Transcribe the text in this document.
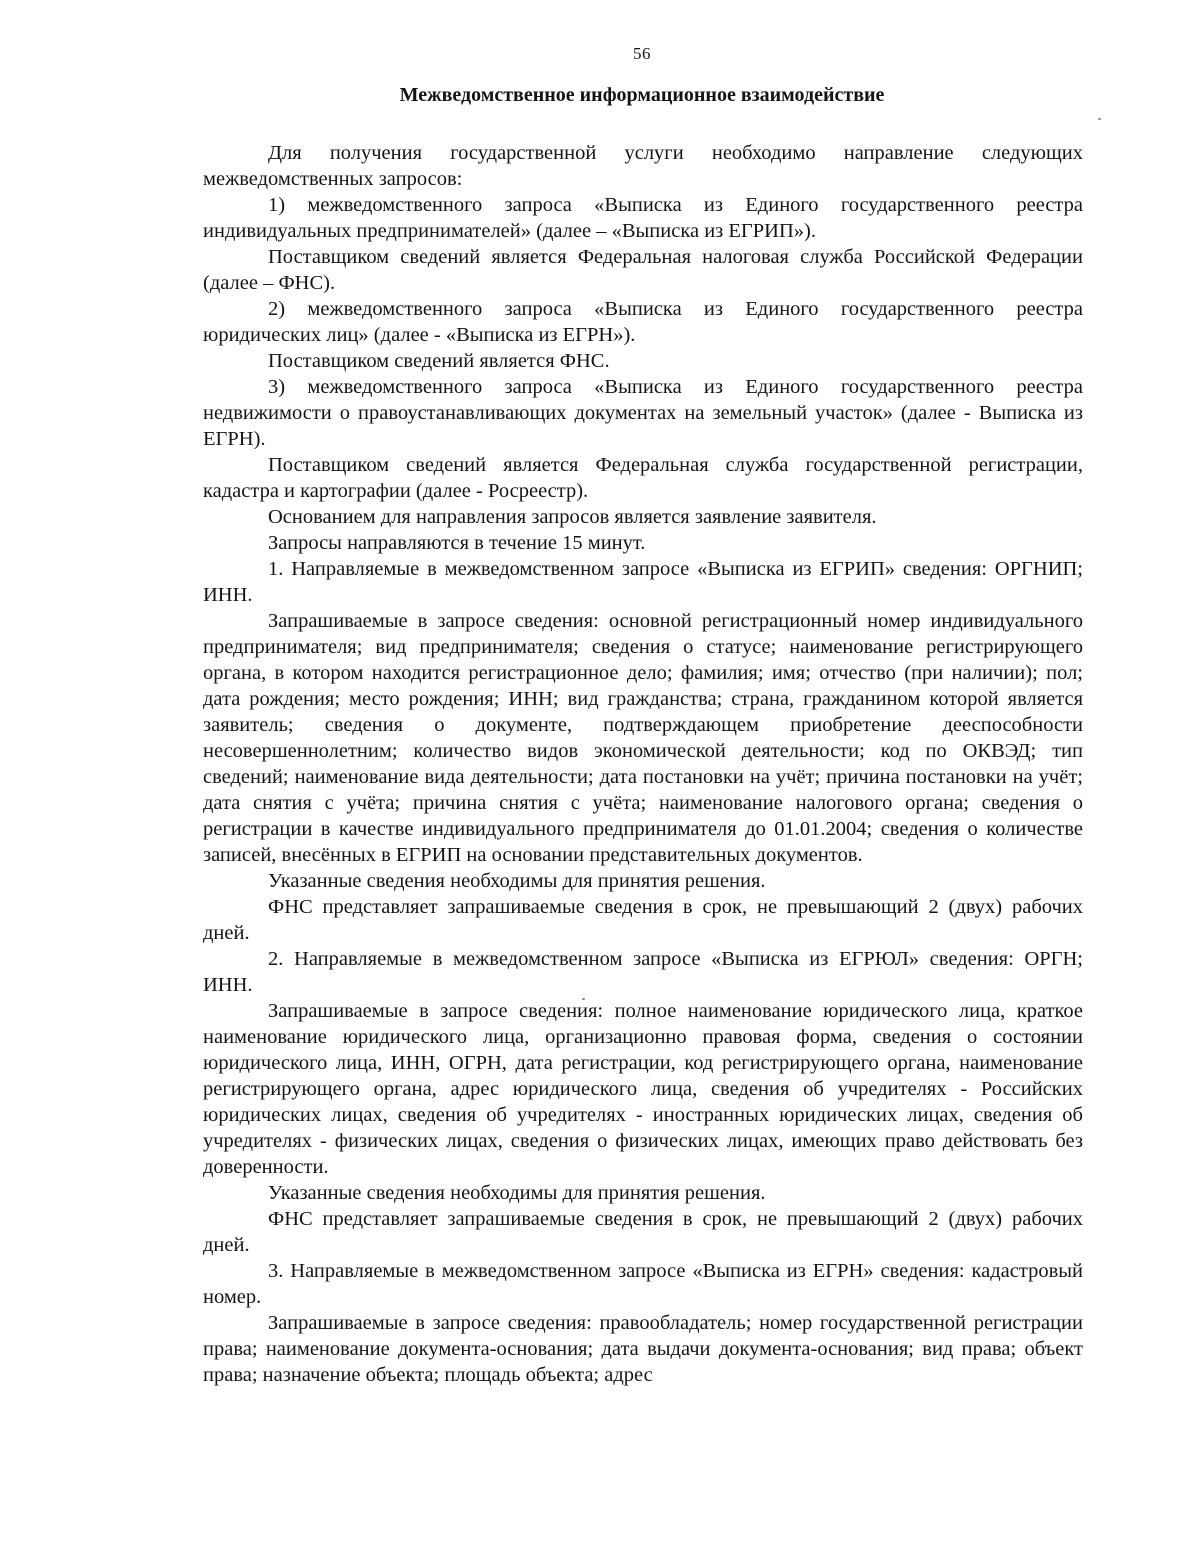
56
Межведомственное информационное взаимодействие

Для получения государственной услуги необходимо направление следующих межведомственных запросов:

1) межведомственного запроса «Выписка из Единого государственного реестра индивидуальных предпринимателей» (далее – «Выписка из ЕГРИП»).

Поставщиком сведений является Федеральная налоговая служба Российской Федерации (далее – ФНС).

2) межведомственного запроса «Выписка из Единого государственного реестра юридических лиц» (далее - «Выписка из ЕГРН»).

Поставщиком сведений является ФНС.

3) межведомственного запроса «Выписка из Единого государственного реестра недвижимости о правоустанавливающих документах на земельный участок» (далее - Выписка из ЕГРН).

Поставщиком сведений является Федеральная служба государственной регистрации, кадастра и картографии (далее - Росреестр).

Основанием для направления запросов является заявление заявителя.

Запросы направляются в течение 15 минут.

1. Направляемые в межведомственном запросе «Выписка из ЕГРИП» сведения: ОРГНИП; ИНН.

Запрашиваемые в запросе сведения: основной регистрационный номер индивидуального предпринимателя; вид предпринимателя; сведения о статусе; наименование регистрирующего органа, в котором находится регистрационное дело; фамилия; имя; отчество (при наличии); пол; дата рождения; место рождения; ИНН; вид гражданства; страна, гражданином которой является заявитель; сведения о документе, подтверждающем приобретение дееспособности несовершеннолетним; количество видов экономической деятельности; код по ОКВЭД; тип сведений; наименование вида деятельности; дата постановки на учёт; причина постановки на учёт; дата снятия с учёта; причина снятия с учёта; наименование налогового органа; сведения о регистрации в качестве индивидуального предпринимателя до 01.01.2004; сведения о количестве записей, внесённых в ЕГРИП на основании представительных документов.

Указанные сведения необходимы для принятия решения.

ФНС представляет запрашиваемые сведения в срок, не превышающий 2 (двух) рабочих дней.

2. Направляемые в межведомственном запросе «Выписка из ЕГРЮЛ» сведения: ОРГН; ИНН.

Запрашиваемые в запросе сведения: полное наименование юридического лица, краткое наименование юридического лица, организационно правовая форма, сведения о состоянии юридического лица, ИНН, ОГРН, дата регистрации, код регистрирующего органа, наименование регистрирующего органа, адрес юридического лица, сведения об учредителях - Российских юридических лицах, сведения об учредителях - иностранных юридических лицах, сведения об учредителях - физических лицах, сведения о физических лицах, имеющих право действовать без доверенности.

Указанные сведения необходимы для принятия решения.

ФНС представляет запрашиваемые сведения в срок, не превышающий 2 (двух) рабочих дней.

3. Направляемые в межведомственном запросе «Выписка из ЕГРН» сведения: кадастровый номер.

Запрашиваемые в запросе сведения: правообладатель; номер государственной регистрации права; наименование документа-основания; дата выдачи документа-основания; вид права; объект права; назначение объекта; площадь объекта; адрес
